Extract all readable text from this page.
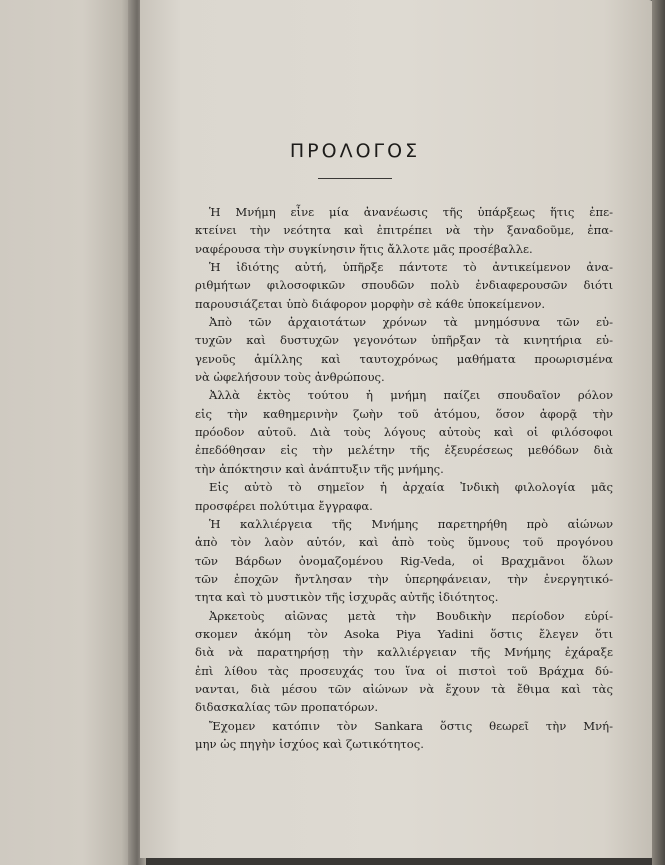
ΠΡΟΛΟΓΟΣ
Ἡ Μνήμη εἶνε μία ἀνανέωσις τῆς ὑπάρξεως ἥτις ἐπε-
κτείνει τὴν νεότητα καὶ ἐπιτρέπει νὰ τὴν ξαναδοῦμε, ἐπα-
ναφέρουσα τὴν συγκίνησιν ἥτις ἄλλοτε μᾶς προσέβαλλε.
Ἡ ἰδιότης αὐτή, ὑπῆρξε πάντοτε τὸ ἀντικείμενον ἀνα-
ριθμήτων φιλοσοφικῶν σπουδῶν πολὺ ἐνδιαφερουσῶν διότι
παρουσιάζεται ὑπὸ διάφορον μορφὴν σὲ κάθε ὑποκείμενον.
Ἀπὸ τῶν ἀρχαιοτάτων χρόνων τὰ μνημόσυνα τῶν εὐ-
τυχῶν καὶ δυστυχῶν γεγονότων ὑπῆρξαν τὰ κινητήρια εὐ-
γενοῦς ἁμίλλης καὶ ταυτοχρόνως μαθήματα προωρισμένα
νὰ ὠφελήσουν τοὺς ἀνθρώπους.
Ἀλλὰ ἐκτὸς τούτου ἡ μνήμη παίζει σπουδαῖον ρόλον
εἰς τὴν καθημερινὴν ζωὴν τοῦ ἀτόμου, ὅσον ἀφορᾷ τὴν
πρόοδον αὐτοῦ. Διὰ τοὺς λόγους αὐτοὺς καὶ οἱ φιλόσοφοι
ἐπεδόθησαν εἰς τὴν μελέτην τῆς ἐξευρέσεως μεθόδων διὰ
τὴν ἀπόκτησιν καὶ ἀνάπτυξιν τῆς μνήμης.
Εἰς αὐτὸ τὸ σημεῖον ἡ ἀρχαία Ἰνδικὴ φιλολογία μᾶς
προσφέρει πολύτιμα ἔγγραφα.
Ἡ καλλιέργεια τῆς Μνήμης παρετηρήθη πρὸ αἰώνων
ἀπὸ τὸν λαὸν αὐτόν, καὶ ἀπὸ τοὺς ὕμνους τοῦ προγόνου
τῶν Βάρδων ὀνομαζομένου Rig-Veda, οἱ Βραχμᾶνοι ὅλων
τῶν ἐποχῶν ἤντλησαν τὴν ὑπερηφάνειαν, τὴν ἐνεργητικό-
τητα καὶ τὸ μυστικὸν τῆς ἰσχυρᾶς αὐτῆς ἰδιότητος.
Ἀρκετοὺς αἰῶνας μετὰ τὴν Βουδικὴν περίοδον εὑρί-
σκομεν ἀκόμη τὸν Asoka Piya Yadini ὅστις ἔλεγεν ὅτι
διὰ νὰ παρατηρήσῃ τὴν καλλιέργειαν τῆς Μνήμης ἐχάραξε
ἐπὶ λίθου τὰς προσευχάς του ἵνα οἱ πιστοὶ τοῦ Βράχμα δύ-
νανται, διὰ μέσου τῶν αἰώνων νὰ ἔχουν τὰ ἔθιμα καὶ τὰς
διδασκαλίας τῶν προπατόρων.
Ἔχομεν κατόπιν τὸν Sankara ὅστις θεωρεῖ τὴν Μνή-
μην ὡς πηγὴν ἰσχύος καὶ ζωτικότητος.
